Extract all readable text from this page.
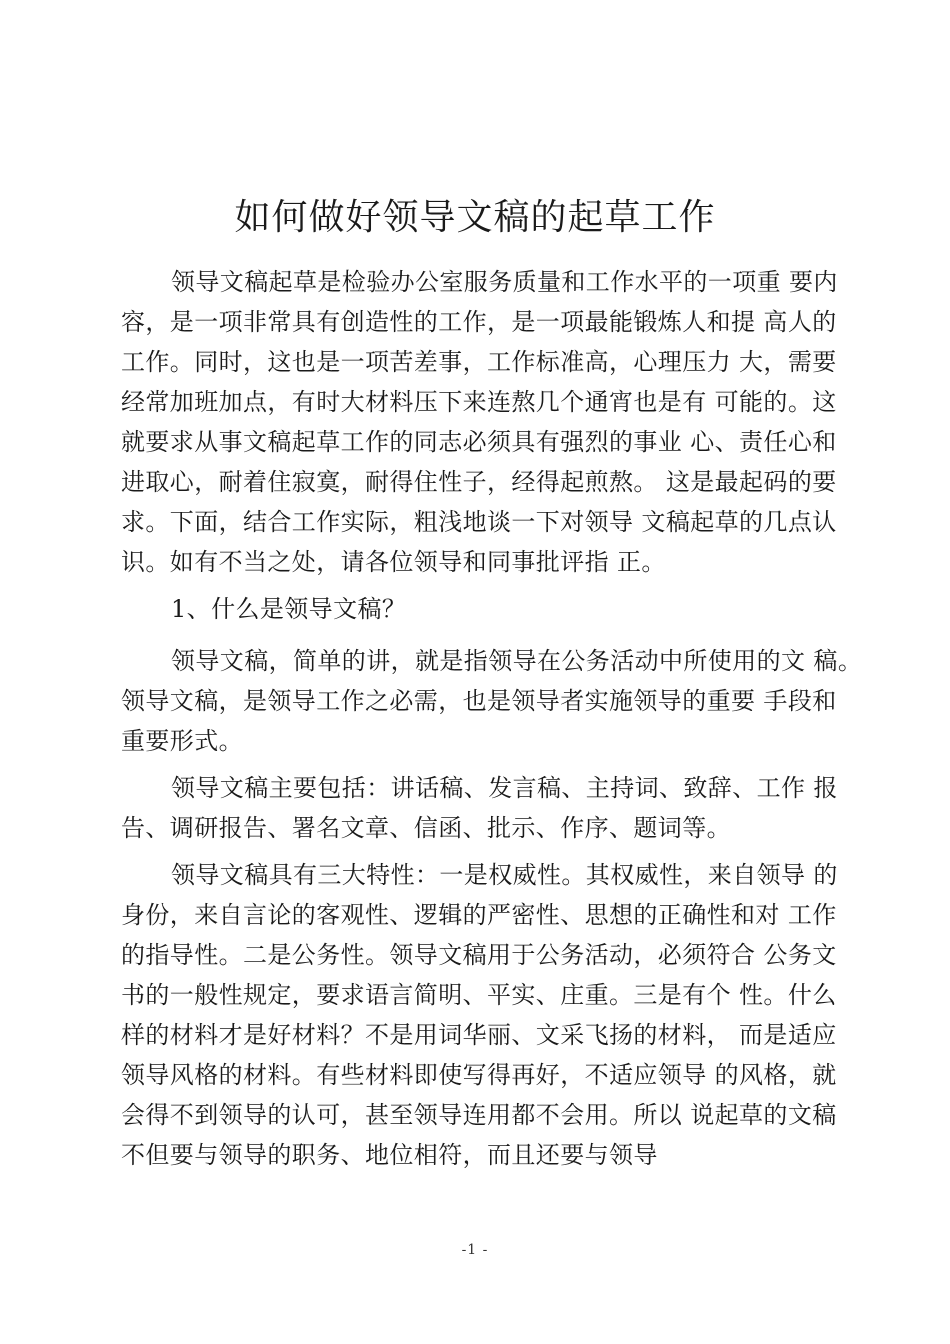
如何做好领导文稿的起草工作
领导文稿起草是检验办公室服务质量和工作水平的一项重 要内
容，是一项非常具有创造性的工作，是一项最能锻炼人和提 高人的
工作。同时，这也是一项苦差事，工作标准高，心理压力 大，需要
经常加班加点，有时大材料压下来连熬几个通宵也是有 可能的。这
就要求从事文稿起草工作的同志必须具有强烈的事业 心、责任心和
进取心，耐着住寂寞，耐得住性子，经得起煎熬。 这是最起码的要
求。下面，结合工作实际，粗浅地谈一下对领导 文稿起草的几点认
识。如有不当之处，请各位领导和同事批评指 正。
1、什么是领导文稿？
领导文稿，简单的讲，就是指领导在公务活动中所使用的文 稿。
领导文稿，是领导工作之必需，也是领导者实施领导的重要 手段和
重要形式。
领导文稿主要包括：讲话稿、发言稿、主持词、致辞、工作 报
告、调研报告、署名文章、信函、批示、作序、题词等。
领导文稿具有三大特性：一是权威性。其权威性，来自领导 的
身份，来自言论的客观性、逻辑的严密性、思想的正确性和对 工作
的指导性。二是公务性。领导文稿用于公务活动，必须符合 公务文
书的一般性规定，要求语言简明、平实、庄重。三是有个 性。什么
样的材料才是好材料？不是用词华丽、文采飞扬的材料， 而是适应
领导风格的材料。有些材料即使写得再好，不适应领导 的风格，就
会得不到领导的认可，甚至领导连用都不会用。所以 说起草的文稿
不但要与领导的职务、地位相符，而且还要与领导
-1 -
